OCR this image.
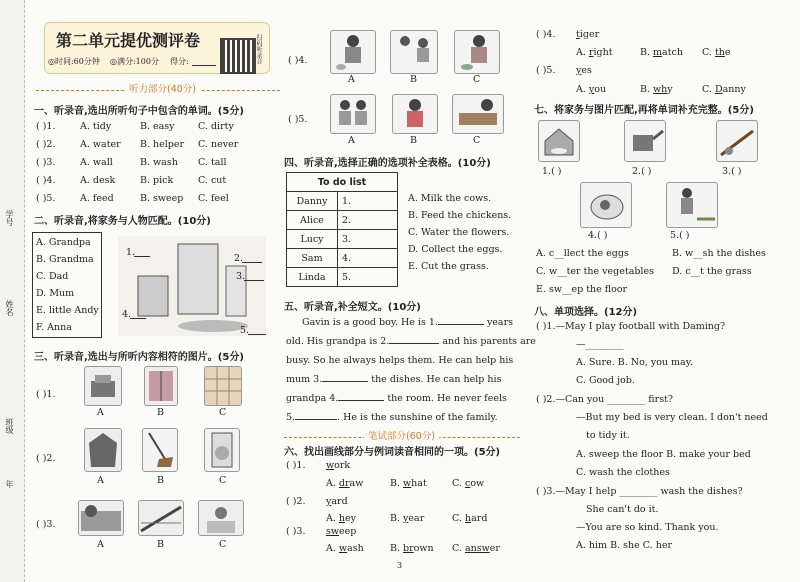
学号
姓名
班级
年
第二单元提优测评卷
◎时间:60分钟 ◎满分:100分 得分:	扫码听录音
听力部分(40分)
一、听录音,选出所听句子中包含的单词。(5分)
( )1.	A. tidy	B. easy C. dirty
( )2.	A. water B. helper C. never
( )3.	A. wall	B. wash C. tall
( )4.	A. desk	B. pick	C. cut
( )5.	A. feed	B. sweep C. feel
二、听录音,将家务与人物匹配。(10分)
A. Grandpa
B. Grandma
C. Dad
D. Mum
E. little Andy
F. Anna
1.
2.
3.
4.
5.
三、听录音,选出与所听内容相符的图片。(5分)
( )1.
A	B	C
( )2.
A	B	C
( )3.
A	B	C
( )4.
A	B	C
( )5.
A	B	C
四、听录音,选择正确的选项补全表格。(10分)
To do list	
Danny	1.
Alice	2.
Lucy	3.
Sam	4.
Linda	5.
A. Milk the cows.
B. Feed the chickens.
C. Water the flowers.
D. Collect the eggs.
E. Cut the grass.
五、听录音,补全短文。(10分)
Gavin is a good boy. He is 1.	years
old. His grandpa is 2.	and his parents are
busy. So he always helps them. He can help his
mum 3.	the dishes. He can help his
grandpa 4.	the room. He never feels
5.	. He is the sunshine of the family.
笔试部分(60分)
六、找出画线部分与例词读音相同的一项。(5分)
( )1. work
A. draw	B. what	C. cow
( )2. yard
A. hey	B. year	C. hard
( )3. sweep
A. wash	B. brown C. answer
3
( )4. tiger
A. right	B. match C. the
( )5. yes
A. you	B. why	C. Danny
七、将家务与图片匹配,再将单词补充完整。(5分)
1.( )	2.( )	3.( )
4.( )	5.( )
A. c__llect the eggs	B. w__sh the dishes
C. w__ter the vegetables D. c__t the grass
E. sw__ep the floor
八、单项选择。(12分)
( )1.—May I play football with Daming?
—________
A. Sure. B. No, you may.
C. Good job.
( )2.—Can you ________ first?
—But my bed is very clean. I don't need
to tidy it.
A. sweep the floor B. make your bed
C. wash the clothes
( )3.—May I help ________ wash the dishes?
She can't do it.
—You are so kind. Thank you.
A. him B. she C. her
